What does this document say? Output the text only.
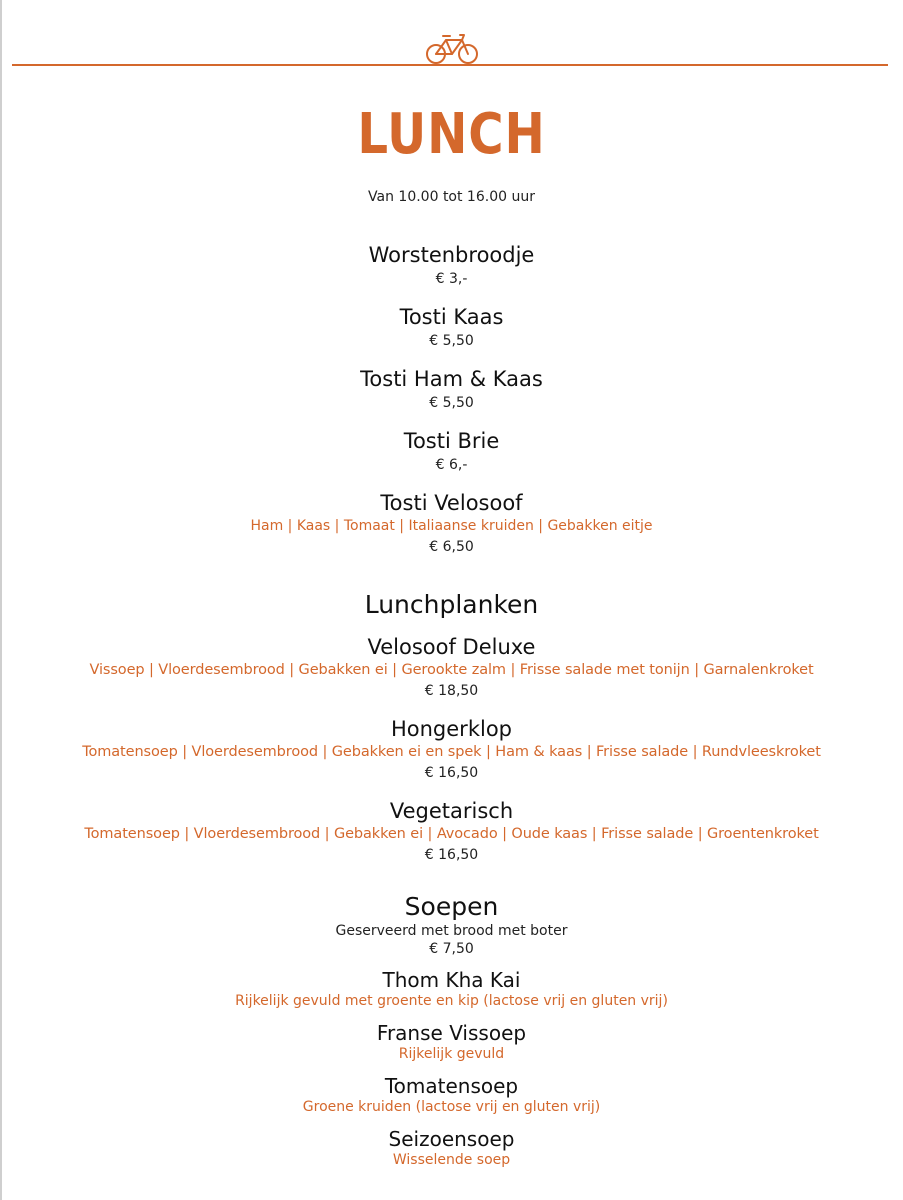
LUNCH
Van 10.00 tot 16.00 uur
Worstenbroodje
€ 3,-
Tosti Kaas
€ 5,50
Tosti Ham & Kaas
€ 5,50
Tosti Brie
€ 6,-
Tosti Velosoof
Ham | Kaas | Tomaat | Italiaanse kruiden | Gebakken eitje
€ 6,50
Lunchplanken
Velosoof Deluxe
Vissoep | Vloerdesembrood | Gebakken ei | Gerookte zalm | Frisse salade met tonijn | Garnalenkroket
€ 18,50
Hongerklop
Tomatensoep | Vloerdesembrood | Gebakken ei en spek | Ham & kaas | Frisse salade | Rundvleeskroket
€ 16,50
Vegetarisch
Tomatensoep | Vloerdesembrood | Gebakken ei | Avocado | Oude kaas | Frisse salade | Groentenkroket
€ 16,50
Soepen
Geserveerd met brood met boter
€ 7,50
Thom Kha Kai
Rijkelijk gevuld met groente en kip (lactose vrij en gluten vrij)
Franse Vissoep
Rijkelijk gevuld
Tomatensoep
Groene kruiden (lactose vrij en gluten vrij)
Seizoensoep
Wisselende soep
